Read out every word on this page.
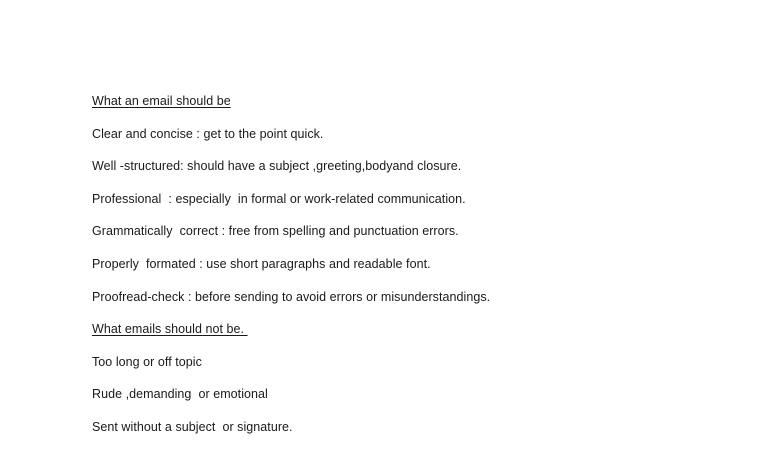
What an email should be
Clear and concise : get to the point quick.
Well -structured: should have a subject ,greeting,bodyand closure.
Professional  : especially  in formal or work-related communication.
Grammatically  correct : free from spelling and punctuation errors.
Properly  formated : use short paragraphs and readable font.
Proofread-check : before sending to avoid errors or misunderstandings.
What emails should not be.
Too long or off topic
Rude ,demanding  or emotional
Sent without a subject  or signature.
